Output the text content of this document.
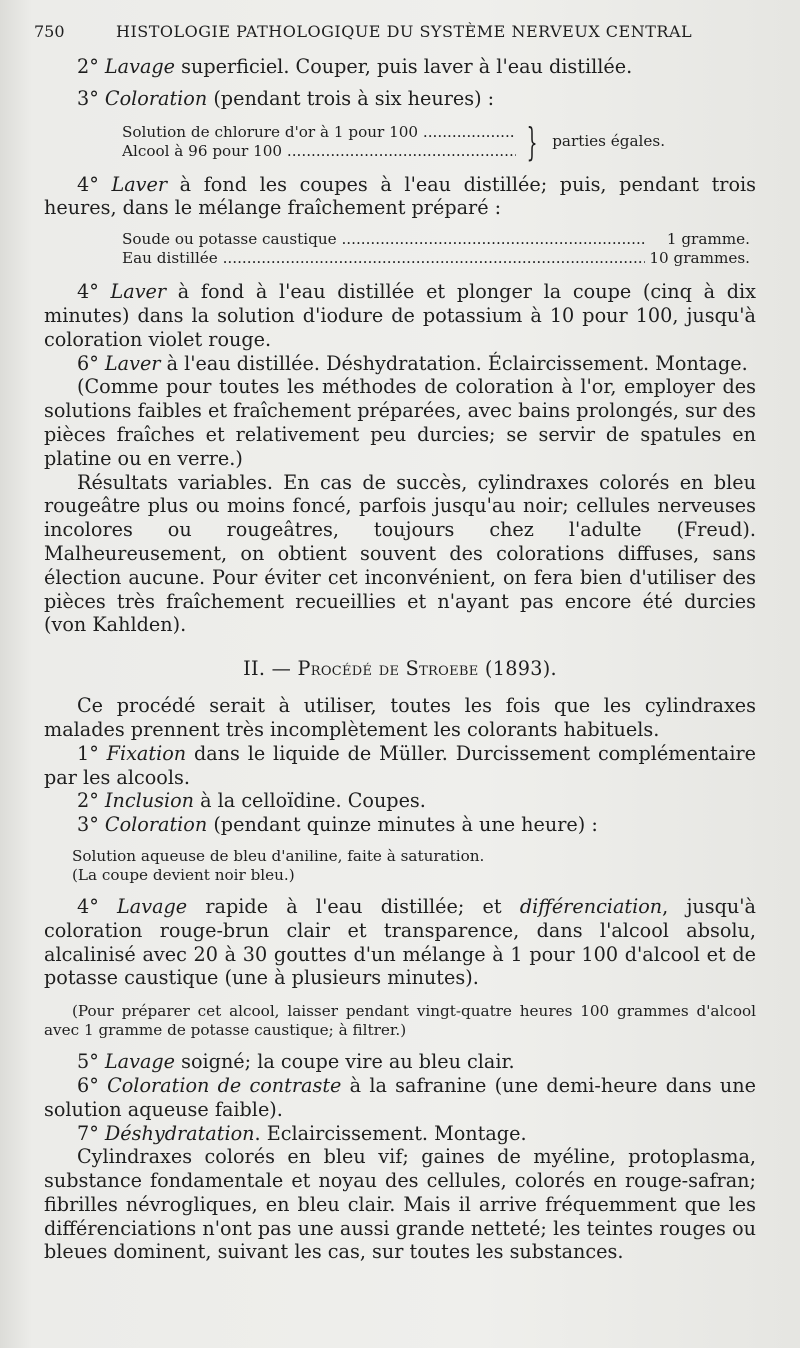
750	HISTOLOGIE PATHOLOGIQUE DU SYSTÈME NERVEUX CENTRAL

2° Lavage superficiel. Couper, puis laver à l'eau distillée.

3° Coloration (pendant trois à six heures) :

Solution de chlorure d'or à 1 pour 100 .....
Alcool à 96 pour 100 .....	} parties égales.

4° Laver à fond les coupes à l'eau distillée; puis, pendant trois heures, dans le mélange fraîchement préparé :

Soude ou potasse caustique .....	1 gramme.
Eau distillée .....	10 grammes.

4° Laver à fond à l'eau distillée et plonger la coupe (cinq à dix minutes) dans la solution d'iodure de potassium à 10 pour 100, jusqu'à coloration violet rouge.

6° Laver à l'eau distillée. Déshydratation. Éclaircissement. Montage.

(Comme pour toutes les méthodes de coloration à l'or, employer des solutions faibles et fraîchement préparées, avec bains prolongés, sur des pièces fraîches et relativement peu durcies; se servir de spatules en platine ou en verre.)

Résultats variables. En cas de succès, cylindraxes colorés en bleu rougeâtre plus ou moins foncé, parfois jusqu'au noir; cellules nerveuses incolores ou rougeâtres, toujours chez l'adulte (Freud). Malheureusement, on obtient souvent des colorations diffuses, sans élection aucune. Pour éviter cet inconvénient, on fera bien d'utiliser des pièces très fraîchement recueillies et n'ayant pas encore été durcies (von Kahlden).

II. — Procédé de Stroebe (1893).

Ce procédé serait à utiliser, toutes les fois que les cylindraxes malades prennent très incomplètement les colorants habituels.

1° Fixation dans le liquide de Müller. Durcissement complémentaire par les alcools.

2° Inclusion à la celloïdine. Coupes.

3° Coloration (pendant quinze minutes à une heure) :

Solution aqueuse de bleu d'aniline, faite à saturation.
(La coupe devient noir bleu.)

4° Lavage rapide à l'eau distillée; et différenciation, jusqu'à coloration rouge-brun clair et transparence, dans l'alcool absolu, alcalinisé avec 20 à 30 gouttes d'un mélange à 1 pour 100 d'alcool et de potasse caustique (une à plusieurs minutes).

(Pour préparer cet alcool, laisser pendant vingt-quatre heures 100 grammes d'alcool avec 1 gramme de potasse caustique; à filtrer.)

5° Lavage soigné; la coupe vire au bleu clair.

6° Coloration de contraste à la safranine (une demi-heure dans une solution aqueuse faible).

7° Déshydratation. Eclaircissement. Montage.

Cylindraxes colorés en bleu vif; gaines de myéline, protoplasma, substance fondamentale et noyau des cellules, colorés en rouge-safran; fibrilles névrogliques, en bleu clair. Mais il arrive fréquemment que les différenciations n'ont pas une aussi grande netteté; les teintes rouges ou bleues dominent, suivant les cas, sur toutes les substances.
